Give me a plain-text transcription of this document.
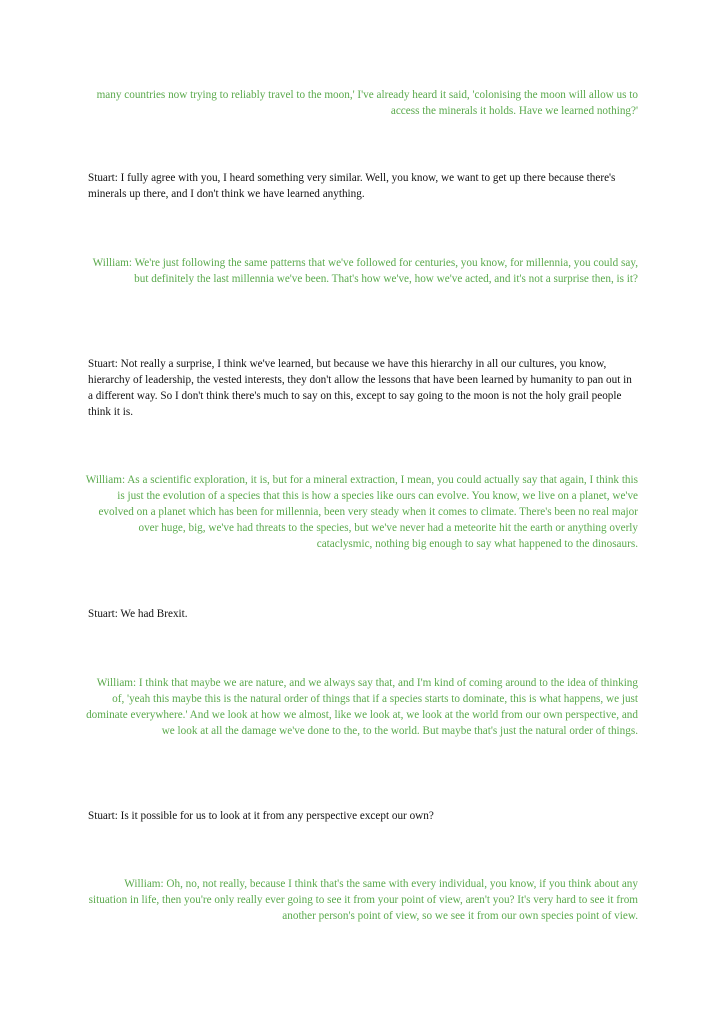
many countries now trying to reliably travel to the moon,' I've already heard it said, 'colonising the moon will allow us to access the minerals it holds. Have we learned nothing?'

Stuart: I fully agree with you, I heard something very similar. Well, you know, we want to get up there because there's minerals up there, and I don't think we have learned anything.

William: We're just following the same patterns that we've followed for centuries, you know, for millennia, you could say, but definitely the last millennia we've been. That's how we've, how we've acted, and it's not a surprise then, is it?

Stuart: Not really a surprise, I think we've learned, but because we have this hierarchy in all our cultures, you know, hierarchy of leadership, the vested interests, they don't allow the lessons that have been learned by humanity to pan out in a different way. So I don't think there's much to say on this, except to say going to the moon is not the holy grail people think it is.

William: As a scientific exploration, it is, but for a mineral extraction, I mean, you could actually say that again, I think this is just the evolution of a species that this is how a species like ours can evolve. You know, we live on a planet, we've evolved on a planet which has been for millennia, been very steady when it comes to climate. There's been no real major over huge, big, we've had threats to the species, but we've never had a meteorite hit the earth or anything overly cataclysmic, nothing big enough to say what happened to the dinosaurs.

Stuart: We had Brexit.

William: I think that maybe we are nature, and we always say that, and I'm kind of coming around to the idea of thinking of, 'yeah this maybe this is the natural order of things that if a species starts to dominate, this is what happens, we just dominate everywhere.' And we look at how we almost, like we look at, we look at the world from our own perspective, and we look at all the damage we've done to the, to the world. But maybe that's just the natural order of things.

Stuart: Is it possible for us to look at it from any perspective except our own?

William: Oh, no, not really, because I think that's the same with every individual, you know, if you think about any situation in life, then you're only really ever going to see it from your point of view, aren't you? It's very hard to see it from another person's point of view, so we see it from our own species point of view.
